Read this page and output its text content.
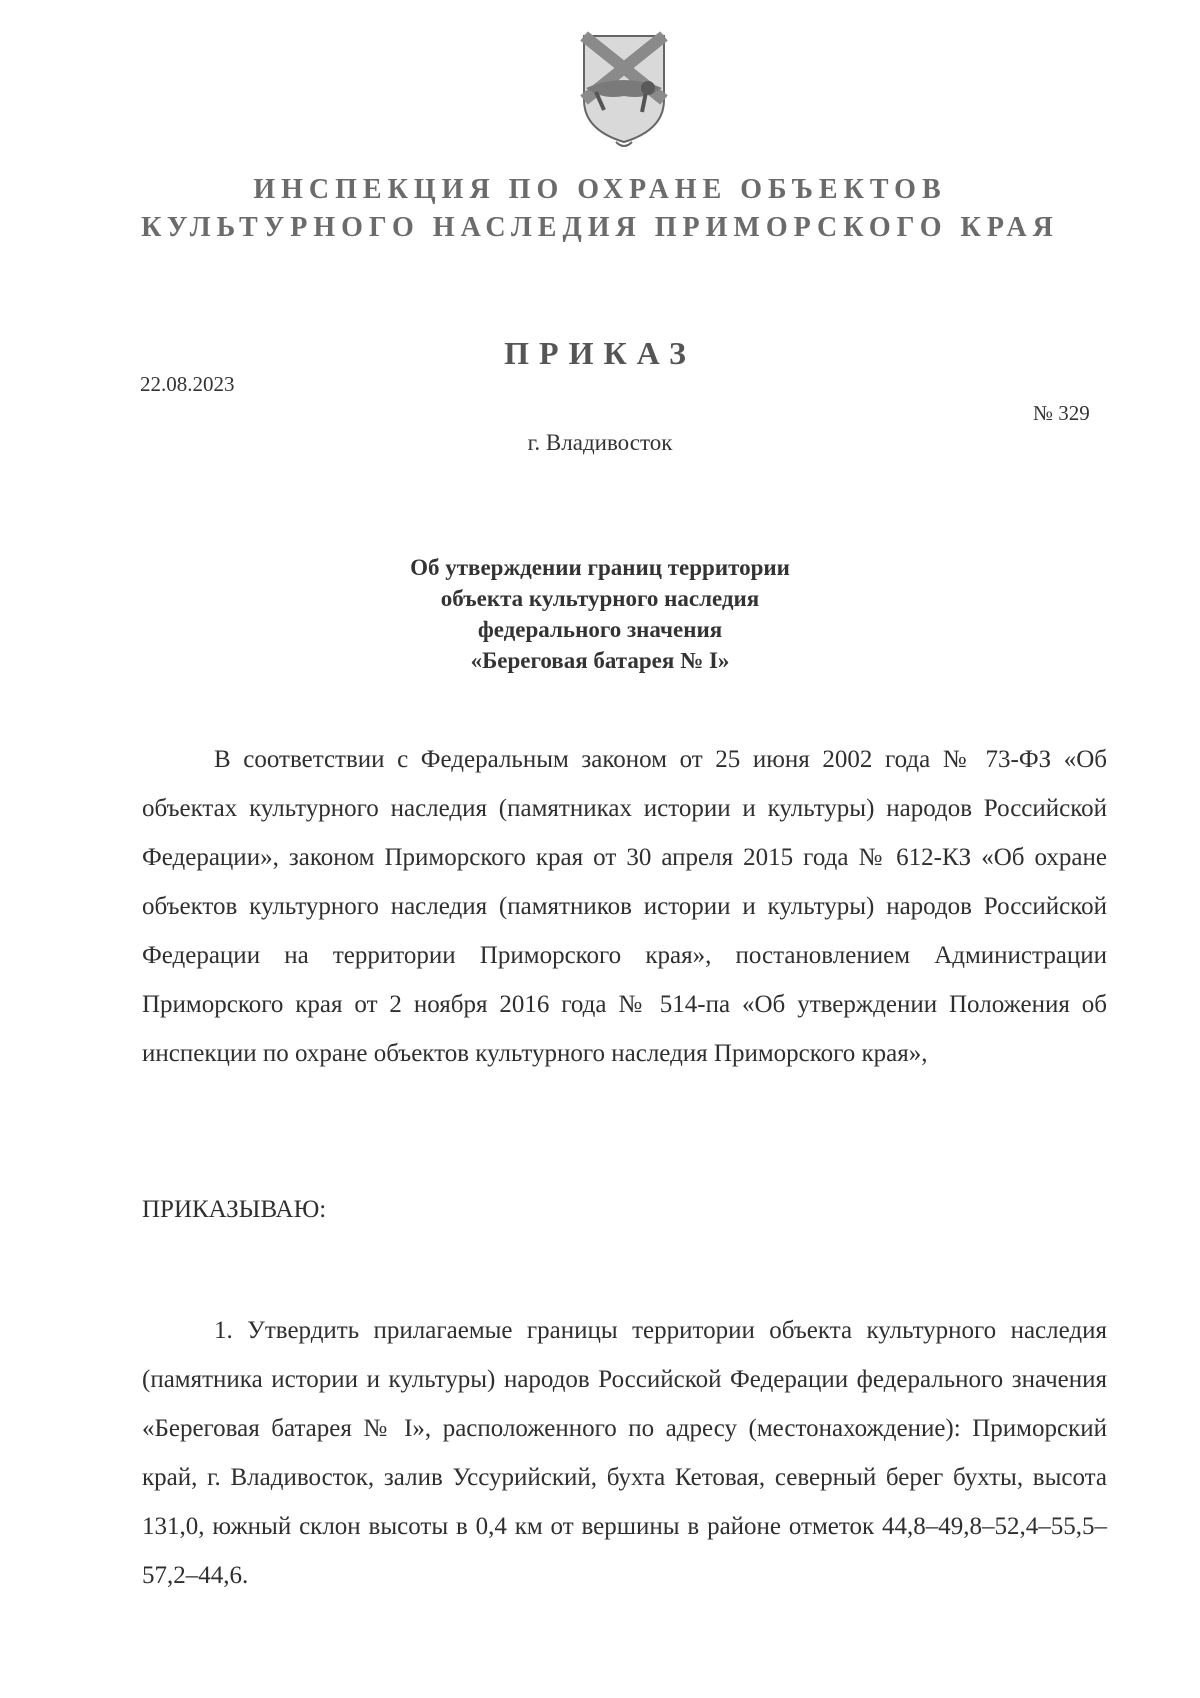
ИНСПЕКЦИЯ ПО ОХРАНЕ ОБЪЕКТОВ
КУЛЬТУРНОГО НАСЛЕДИЯ ПРИМОРСКОГО КРАЯ
ПРИКАЗ
22.08.2023
№ 329
г. Владивосток
Об утверждении границ территории
объекта культурного наследия
федерального значения
«Береговая батарея № I»
В соответствии с Федеральным законом от 25 июня 2002 года № 73-ФЗ «Об объектах культурного наследия (памятниках истории и культуры) народов Российской Федерации», законом Приморского края от 30 апреля 2015 года № 612-КЗ «Об охране объектов культурного наследия (памятников истории и культуры) народов Российской Федерации на территории Приморского края», постановлением Администрации Приморского края от 2 ноября 2016 года № 514-па «Об утверждении Положения об инспекции по охране объектов культурного наследия Приморского края»,
ПРИКАЗЫВАЮ:
1. Утвердить прилагаемые границы территории объекта культурного наследия (памятника истории и культуры) народов Российской Федерации федерального значения «Береговая батарея № I», расположенного по адресу (местонахождение): Приморский край, г. Владивосток, залив Уссурийский, бухта Кетовая, северный берег бухты, высота 131,0, южный склон высоты в 0,4 км от вершины в районе отметок 44,8–49,8–52,4–55,5–57,2–44,6.
